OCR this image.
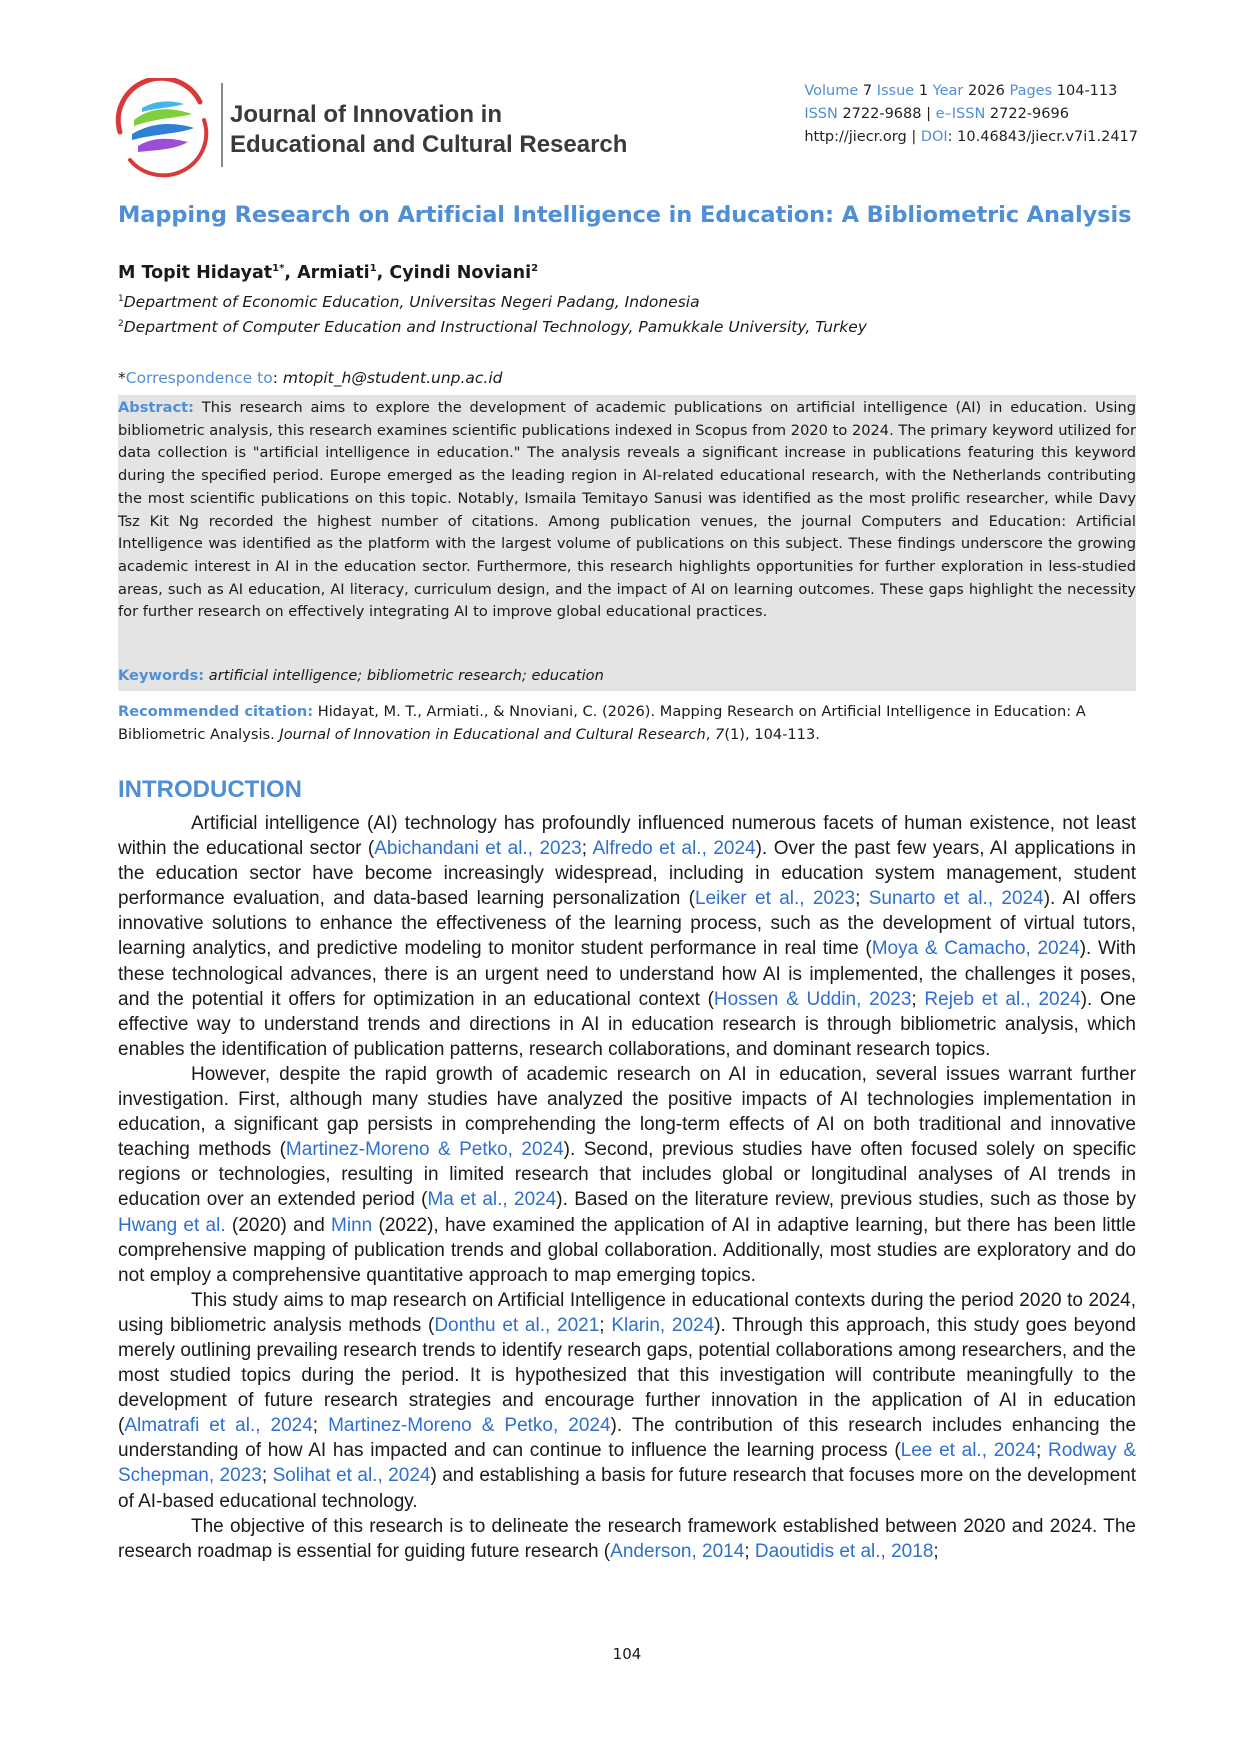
Journal of Innovation in
Educational and Cultural Research
Volume 7 Issue 1 Year 2026 Pages 104-113
ISSN 2722-9688 | e–ISSN 2722-9696
http://jiecr.org | DOI: 10.46843/jiecr.v7i1.2417
Mapping Research on Artificial Intelligence in Education: A Bibliometric Analysis
M Topit Hidayat$^{1*}$, Armiati$^1$, Cyindi Noviani$^2$
$^1$Department of Economic Education, Universitas Negeri Padang, Indonesia
$^2$Department of Computer Education and Instructional Technology, Pamukkale University, Turkey
*Correspondence to: mtopit_h@student.unp.ac.id
Abstract: This research aims to explore the development of academic publications on artificial intelligence (AI) in education. Using bibliometric analysis, this research examines scientific publications indexed in Scopus from 2020 to 2024. The primary keyword utilized for data collection is "artificial intelligence in education." The analysis reveals a significant increase in publications featuring this keyword during the specified period. Europe emerged as the leading region in AI-related educational research, with the Netherlands contributing the most scientific publications on this topic. Notably, Ismaila Temitayo Sanusi was identified as the most prolific researcher, while Davy Tsz Kit Ng recorded the highest number of citations. Among publication venues, the journal Computers and Education: Artificial Intelligence was identified as the platform with the largest volume of publications on this subject. These findings underscore the growing academic interest in AI in the education sector. Furthermore, this research highlights opportunities for further exploration in less-studied areas, such as AI education, AI literacy, curriculum design, and the impact of AI on learning outcomes. These gaps highlight the necessity for further research on effectively integrating AI to improve global educational practices.
Keywords: artificial intelligence; bibliometric research; education
Recommended citation: Hidayat, M. T., Armiati., & Nnoviani, C. (2026). Mapping Research on Artificial Intelligence in Education: A Bibliometric Analysis. Journal of Innovation in Educational and Cultural Research, 7(1), 104-113.
INTRODUCTION

Artificial intelligence (AI) technology has profoundly influenced numerous facets of human existence, not least within the educational sector (Abichandani et al., 2023; Alfredo et al., 2024). Over the past few years, AI applications in the education sector have become increasingly widespread, including in education system management, student performance evaluation, and data-based learning personalization (Leiker et al., 2023; Sunarto et al., 2024). AI offers innovative solutions to enhance the effectiveness of the learning process, such as the development of virtual tutors, learning analytics, and predictive modeling to monitor student performance in real time (Moya & Camacho, 2024). With these technological advances, there is an urgent need to understand how AI is implemented, the challenges it poses, and the potential it offers for optimization in an educational context (Hossen & Uddin, 2023; Rejeb et al., 2024). One effective way to understand trends and directions in AI in education research is through bibliometric analysis, which enables the identification of publication patterns, research collaborations, and dominant research topics.

However, despite the rapid growth of academic research on AI in education, several issues warrant further investigation. First, although many studies have analyzed the positive impacts of AI technologies implementation in education, a significant gap persists in comprehending the long-term effects of AI on both traditional and innovative teaching methods (Martinez-Moreno & Petko, 2024). Second, previous studies have often focused solely on specific regions or technologies, resulting in limited research that includes global or longitudinal analyses of AI trends in education over an extended period (Ma et al., 2024). Based on the literature review, previous studies, such as those by Hwang et al. (2020) and Minn (2022), have examined the application of AI in adaptive learning, but there has been little comprehensive mapping of publication trends and global collaboration. Additionally, most studies are exploratory and do not employ a comprehensive quantitative approach to map emerging topics.

This study aims to map research on Artificial Intelligence in educational contexts during the period 2020 to 2024, using bibliometric analysis methods (Donthu et al., 2021; Klarin, 2024). Through this approach, this study goes beyond merely outlining prevailing research trends to identify research gaps, potential collaborations among researchers, and the most studied topics during the period. It is hypothesized that this investigation will contribute meaningfully to the development of future research strategies and encourage further innovation in the application of AI in education (Almatrafi et al., 2024; Martinez-Moreno & Petko, 2024). The contribution of this research includes enhancing the understanding of how AI has impacted and can continue to influence the learning process (Lee et al., 2024; Rodway & Schepman, 2023; Solihat et al., 2024) and establishing a basis for future research that focuses more on the development of AI-based educational technology.

The objective of this research is to delineate the research framework established between 2020 and 2024. The research roadmap is essential for guiding future research (Anderson, 2014; Daoutidis et al., 2018;

104
